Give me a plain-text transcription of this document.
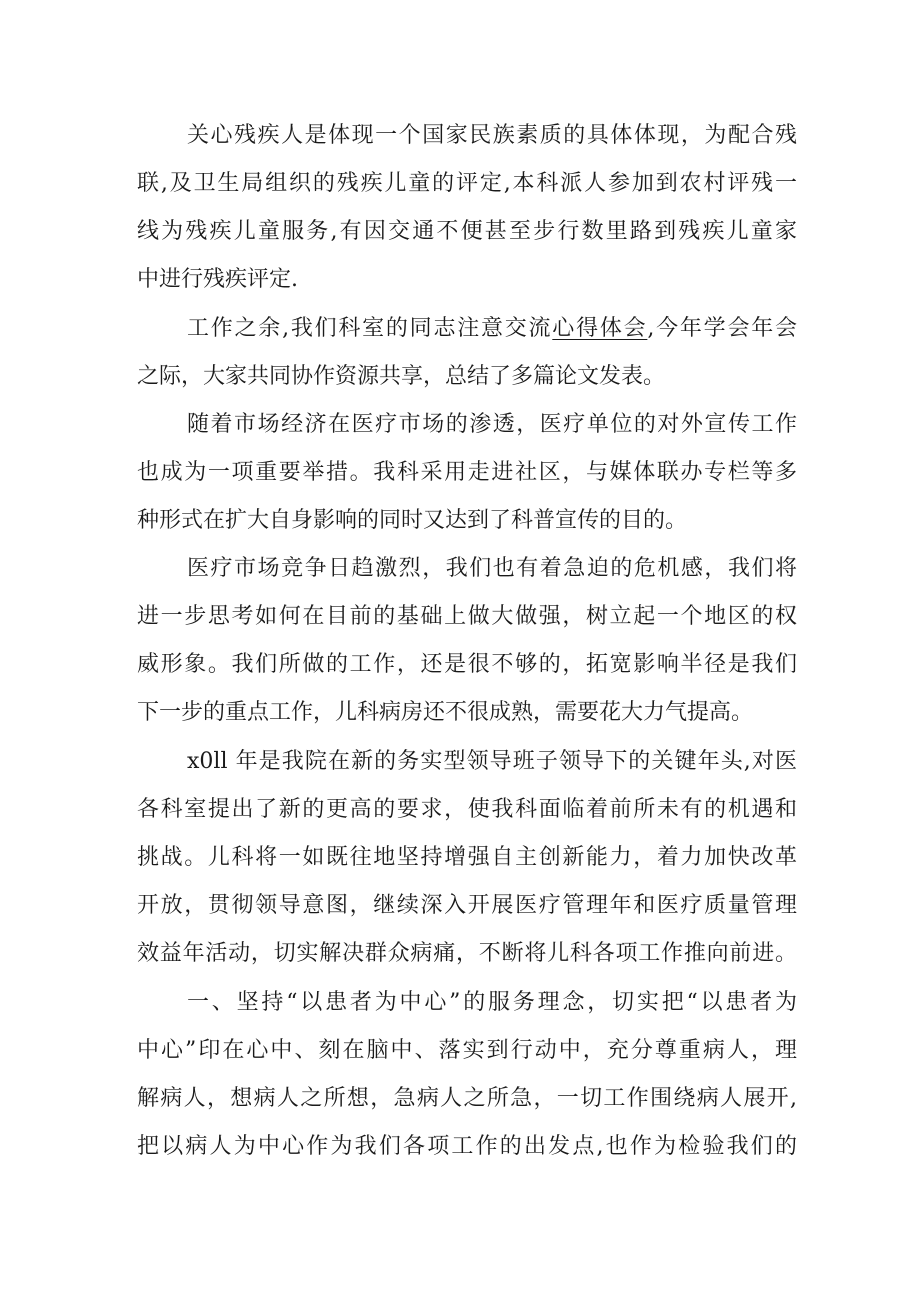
关心残疾人是体现一个国家民族素质的具体体现，为配合残
联,及卫生局组织的残疾儿童的评定,本科派人参加到农村评残一
线为残疾儿童服务,有因交通不便甚至步行数里路到残疾儿童家
中进行残疾评定.
工作之余,我们科室的同志注意交流心得体会,今年学会年会
之际，大家共同协作资源共享，总结了多篇论文发表。
随着市场经济在医疗市场的渗透，医疗单位的对外宣传工作
也成为一项重要举措。我科采用走进社区，与媒体联办专栏等多
种形式在扩大自身影响的同时又达到了科普宣传的目的。
医疗市场竞争日趋激烈，我们也有着急迫的危机感，我们将
进一步思考如何在目前的基础上做大做强，树立起一个地区的权
威形象。我们所做的工作，还是很不够的，拓宽影响半径是我们
下一步的重点工作，儿科病房还不很成熟，需要花大力气提高。
x0ll 年是我院在新的务实型领导班子领导下的关键年头,对医
各科室提出了新的更高的要求，使我科面临着前所未有的机遇和
挑战。儿科将一如既往地坚持增强自主创新能力，着力加快改革
开放，贯彻领导意图，继续深入开展医疗管理年和医疗质量管理
效益年活动，切实解决群众病痛，不断将儿科各项工作推向前进。
一、坚持“以患者为中心”的服务理念，切实把“以患者为
中心”印在心中、刻在脑中、落实到行动中，充分尊重病人，理
解病人，想病人之所想，急病人之所急，一切工作围绕病人展开,
把以病人为中心作为我们各项工作的出发点,也作为检验我们的
